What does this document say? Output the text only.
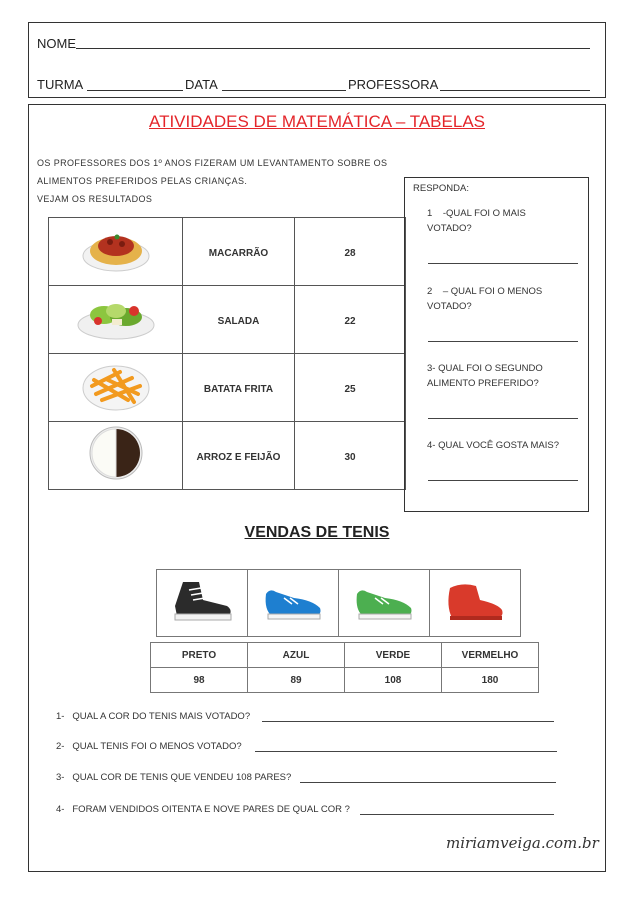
NOME
TURMA	DATA	PROFESSORA
ATIVIDADES DE MATEMÁTICA – TABELAS
OS PROFESSORES DOS 1º ANOS FIZERAM UM LEVANTAMENTO SOBRE OS
ALIMENTOS PREFERIDOS PELAS CRIANÇAS.
VEJAM OS RESULTADOS
	MACARRÃO	28
	SALADA	22
	BATATA FRITA	25
	ARROZ E FEIJÃO	30
RESPONDA:
1    -QUAL FOI O MAIS
VOTADO?
2    – QUAL FOI O MENOS
VOTADO?
3- QUAL FOI O SEGUNDO
ALIMENTO PREFERIDO?
4- QUAL VOCÊ GOSTA MAIS?
VENDAS DE TENIS

PRETO	AZUL	VERDE	VERMELHO
98	89	108	180
1- QUAL A COR DO TENIS MAIS VOTADO?
2- QUAL TENIS FOI O MENOS VOTADO?
3- QUAL COR DE TENIS QUE VENDEU 108 PARES?
4- FORAM VENDIDOS OITENTA E NOVE PARES DE QUAL COR ?
miriamveiga.com.br
